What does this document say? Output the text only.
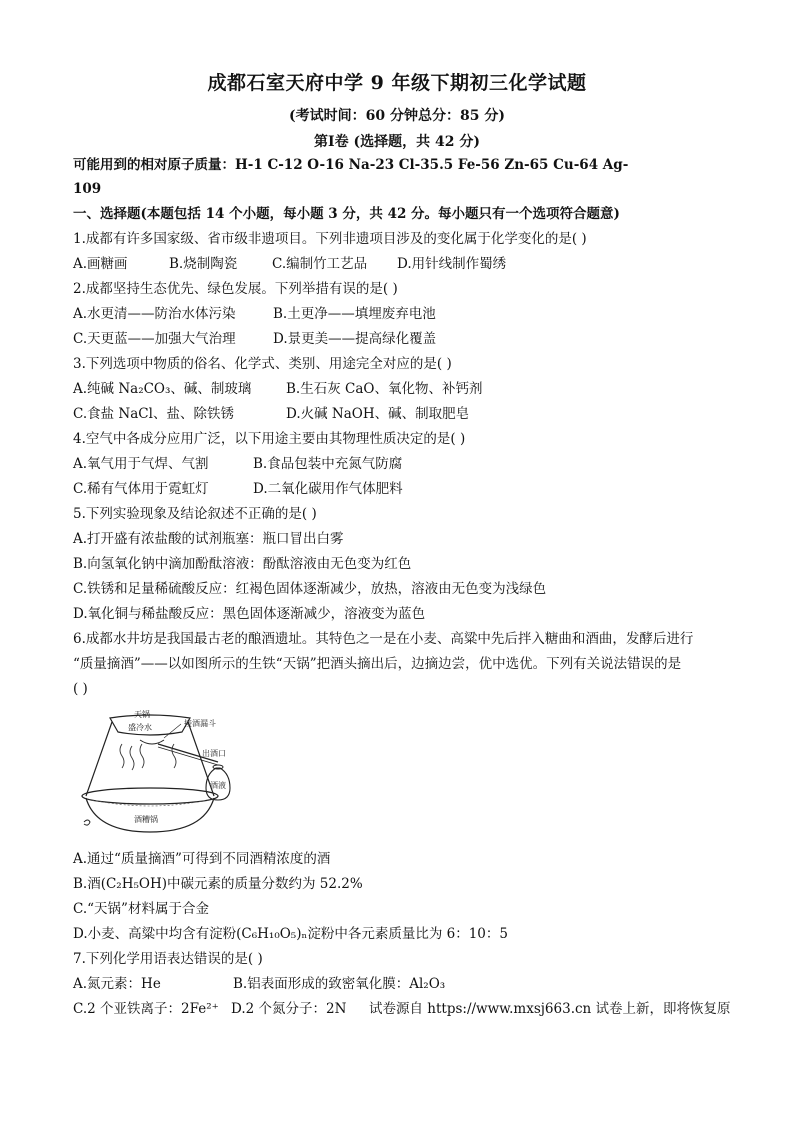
成都石室天府中学 9 年级下期初三化学试题
(考试时间：60 分钟总分：85 分)
第Ⅰ卷 (选择题，共 42 分)
可能用到的相对原子质量：H-1 C-12 O-16 Na-23 Cl-35.5 Fe-56 Zn-65 Cu-64 Ag-
109
一、选择题(本题包括 14 个小题，每小题 3 分，共 42 分。每小题只有一个选项符合题意)
1.成都有许多国家级、省市级非遗项目。下列非遗项目涉及的变化属于化学变化的是( )
A.画糖画	B.烧制陶瓷	C.编制竹工艺品 D.用针线制作蜀绣
2.成都坚持生态优先、绿色发展。下列举措有误的是( )
A.水更清——防治水体污染	B.土更净——填埋废弃电池
C.天更蓝——加强大气治理	D.景更美——提高绿化覆盖
3.下列选项中物质的俗名、化学式、类别、用途完全对应的是( )
A.纯碱 Na₂CO₃、碱、制玻璃	B.生石灰 CaO、氧化物、补钙剂
C.食盐 NaCl、盐、除铁锈	D.火碱 NaOH、碱、制取肥皂
4.空气中各成分应用广泛，以下用途主要由其物理性质决定的是( )
A.氧气用于气焊、气割	B.食品包装中充氮气防腐
C.稀有气体用于霓虹灯	D.二氧化碳用作气体肥料
5.下列实验现象及结论叙述不正确的是( )
A.打开盛有浓盐酸的试剂瓶塞：瓶口冒出白雾
B.向氢氧化钠中滴加酚酞溶液：酚酞溶液由无色变为红色
C.铁锈和足量稀硫酸反应：红褐色固体逐渐减少，放热，溶液由无色变为浅绿色
D.氧化铜与稀盐酸反应：黑色固体逐渐减少，溶液变为蓝色
6.成都水井坊是我国最古老的酿酒遗址。其特色之一是在小麦、高粱中先后拌入糖曲和酒曲，发酵后进行
“质量摘酒”——以如图所示的生铁“天锅”把酒头摘出后，边摘边尝，优中选优。下列有关说法错误的是
( )
天锅
盛冷水	接酒漏斗
出酒口
酒液
酒糟锅
A.通过“质量摘酒”可得到不同酒精浓度的酒
B.酒(C₂H₅OH)中碳元素的质量分数约为 52.2%
C.“天锅”材料属于合金
D.小麦、高粱中均含有淀粉(C₆H₁₀O₅)ₙ淀粉中各元素质量比为 6：10：5
7.下列化学用语表达错误的是( )
A.氮元素：He	B.铝表面形成的致密氧化膜：Al₂O₃
C.2 个亚铁离子：2Fe²⁺ D.2 个氮分子：2N 试卷源自 https://www.mxsj663.cn 试卷上新，即将恢复原
